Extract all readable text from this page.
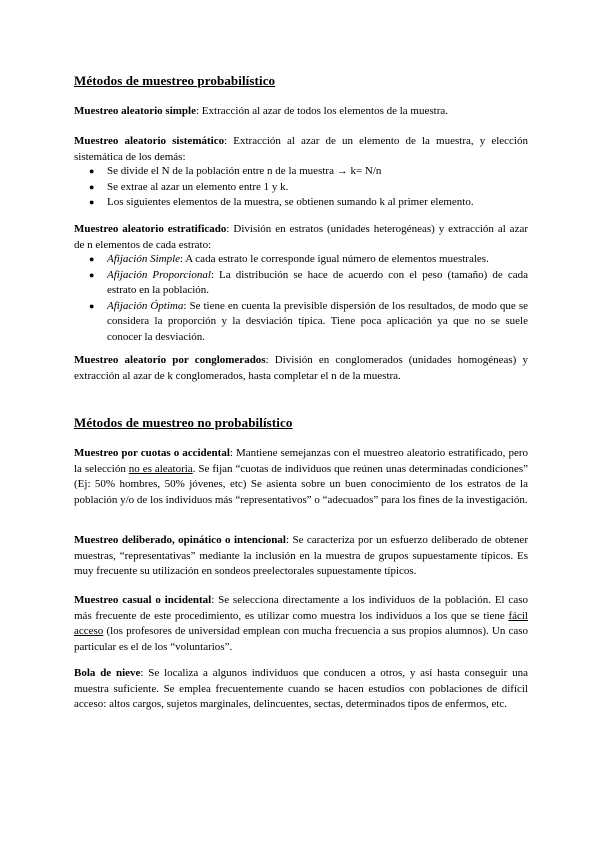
Métodos de muestreo probabilístico
Muestreo aleatorio simple: Extracción al azar de todos los elementos de la muestra.
Muestreo aleatorio sistemático: Extracción al azar de un elemento de la muestra, y elección sistemática de los demás:
● Se divide el N de la población entre n de la muestra → k= N/n
● Se extrae al azar un elemento entre 1 y k.
● Los siguientes elementos de la muestra, se obtienen sumando k al primer elemento.
Muestreo aleatorio estratificado: División en estratos (unidades heterogéneas) y extracción al azar de n elementos de cada estrato:
● Afijación Simple: A cada estrato le corresponde igual número de elementos muestrales.
● Afijación Proporcional: La distribución se hace de acuerdo con el peso (tamaño) de cada estrato en la población.
● Afijación Óptima: Se tiene en cuenta la previsible dispersión de los resultados, de modo que se considera la proporción y la desviación típica. Tiene poca aplicación ya que no se suele conocer la desviación.
Muestreo aleatorio por conglomerados: División en conglomerados (unidades homogéneas) y extracción al azar de k conglomerados, hasta completar el n de la muestra.
Métodos de muestreo no probabilístico
Muestreo por cuotas o accidental: Mantiene semejanzas con el muestreo aleatorio estratificado, pero la selección no es aleatoria. Se fijan “cuotas de individuos que reúnen unas determinadas condiciones” (Ej: 50% hombres, 50% jóvenes, etc) Se asienta sobre un buen conocimiento de los estratos de la población y/o de los individuos más “representativos” o “adecuados” para los fines de la investigación.
Muestreo deliberado, opinático o intencional: Se caracteriza por un esfuerzo deliberado de obtener muestras, “representativas” mediante la inclusión en la muestra de grupos supuestamente típicos. Es muy frecuente su utilización en sondeos preelectorales supuestamente típicos.
Muestreo casual o incidental: Se selecciona directamente a los individuos de la población. El caso más frecuente de este procedimiento, es utilizar como muestra los individuos a los que se tiene fácil acceso (los profesores de universidad emplean con mucha frecuencia a sus propios alumnos). Un caso particular es el de los “voluntarios”.
Bola de nieve: Se localiza a algunos individuos que conducen a otros, y así hasta conseguir una muestra suficiente. Se emplea frecuentemente cuando se hacen estudios con poblaciones de difícil acceso: altos cargos, sujetos marginales, delincuentes, sectas, determinados tipos de enfermos, etc.
